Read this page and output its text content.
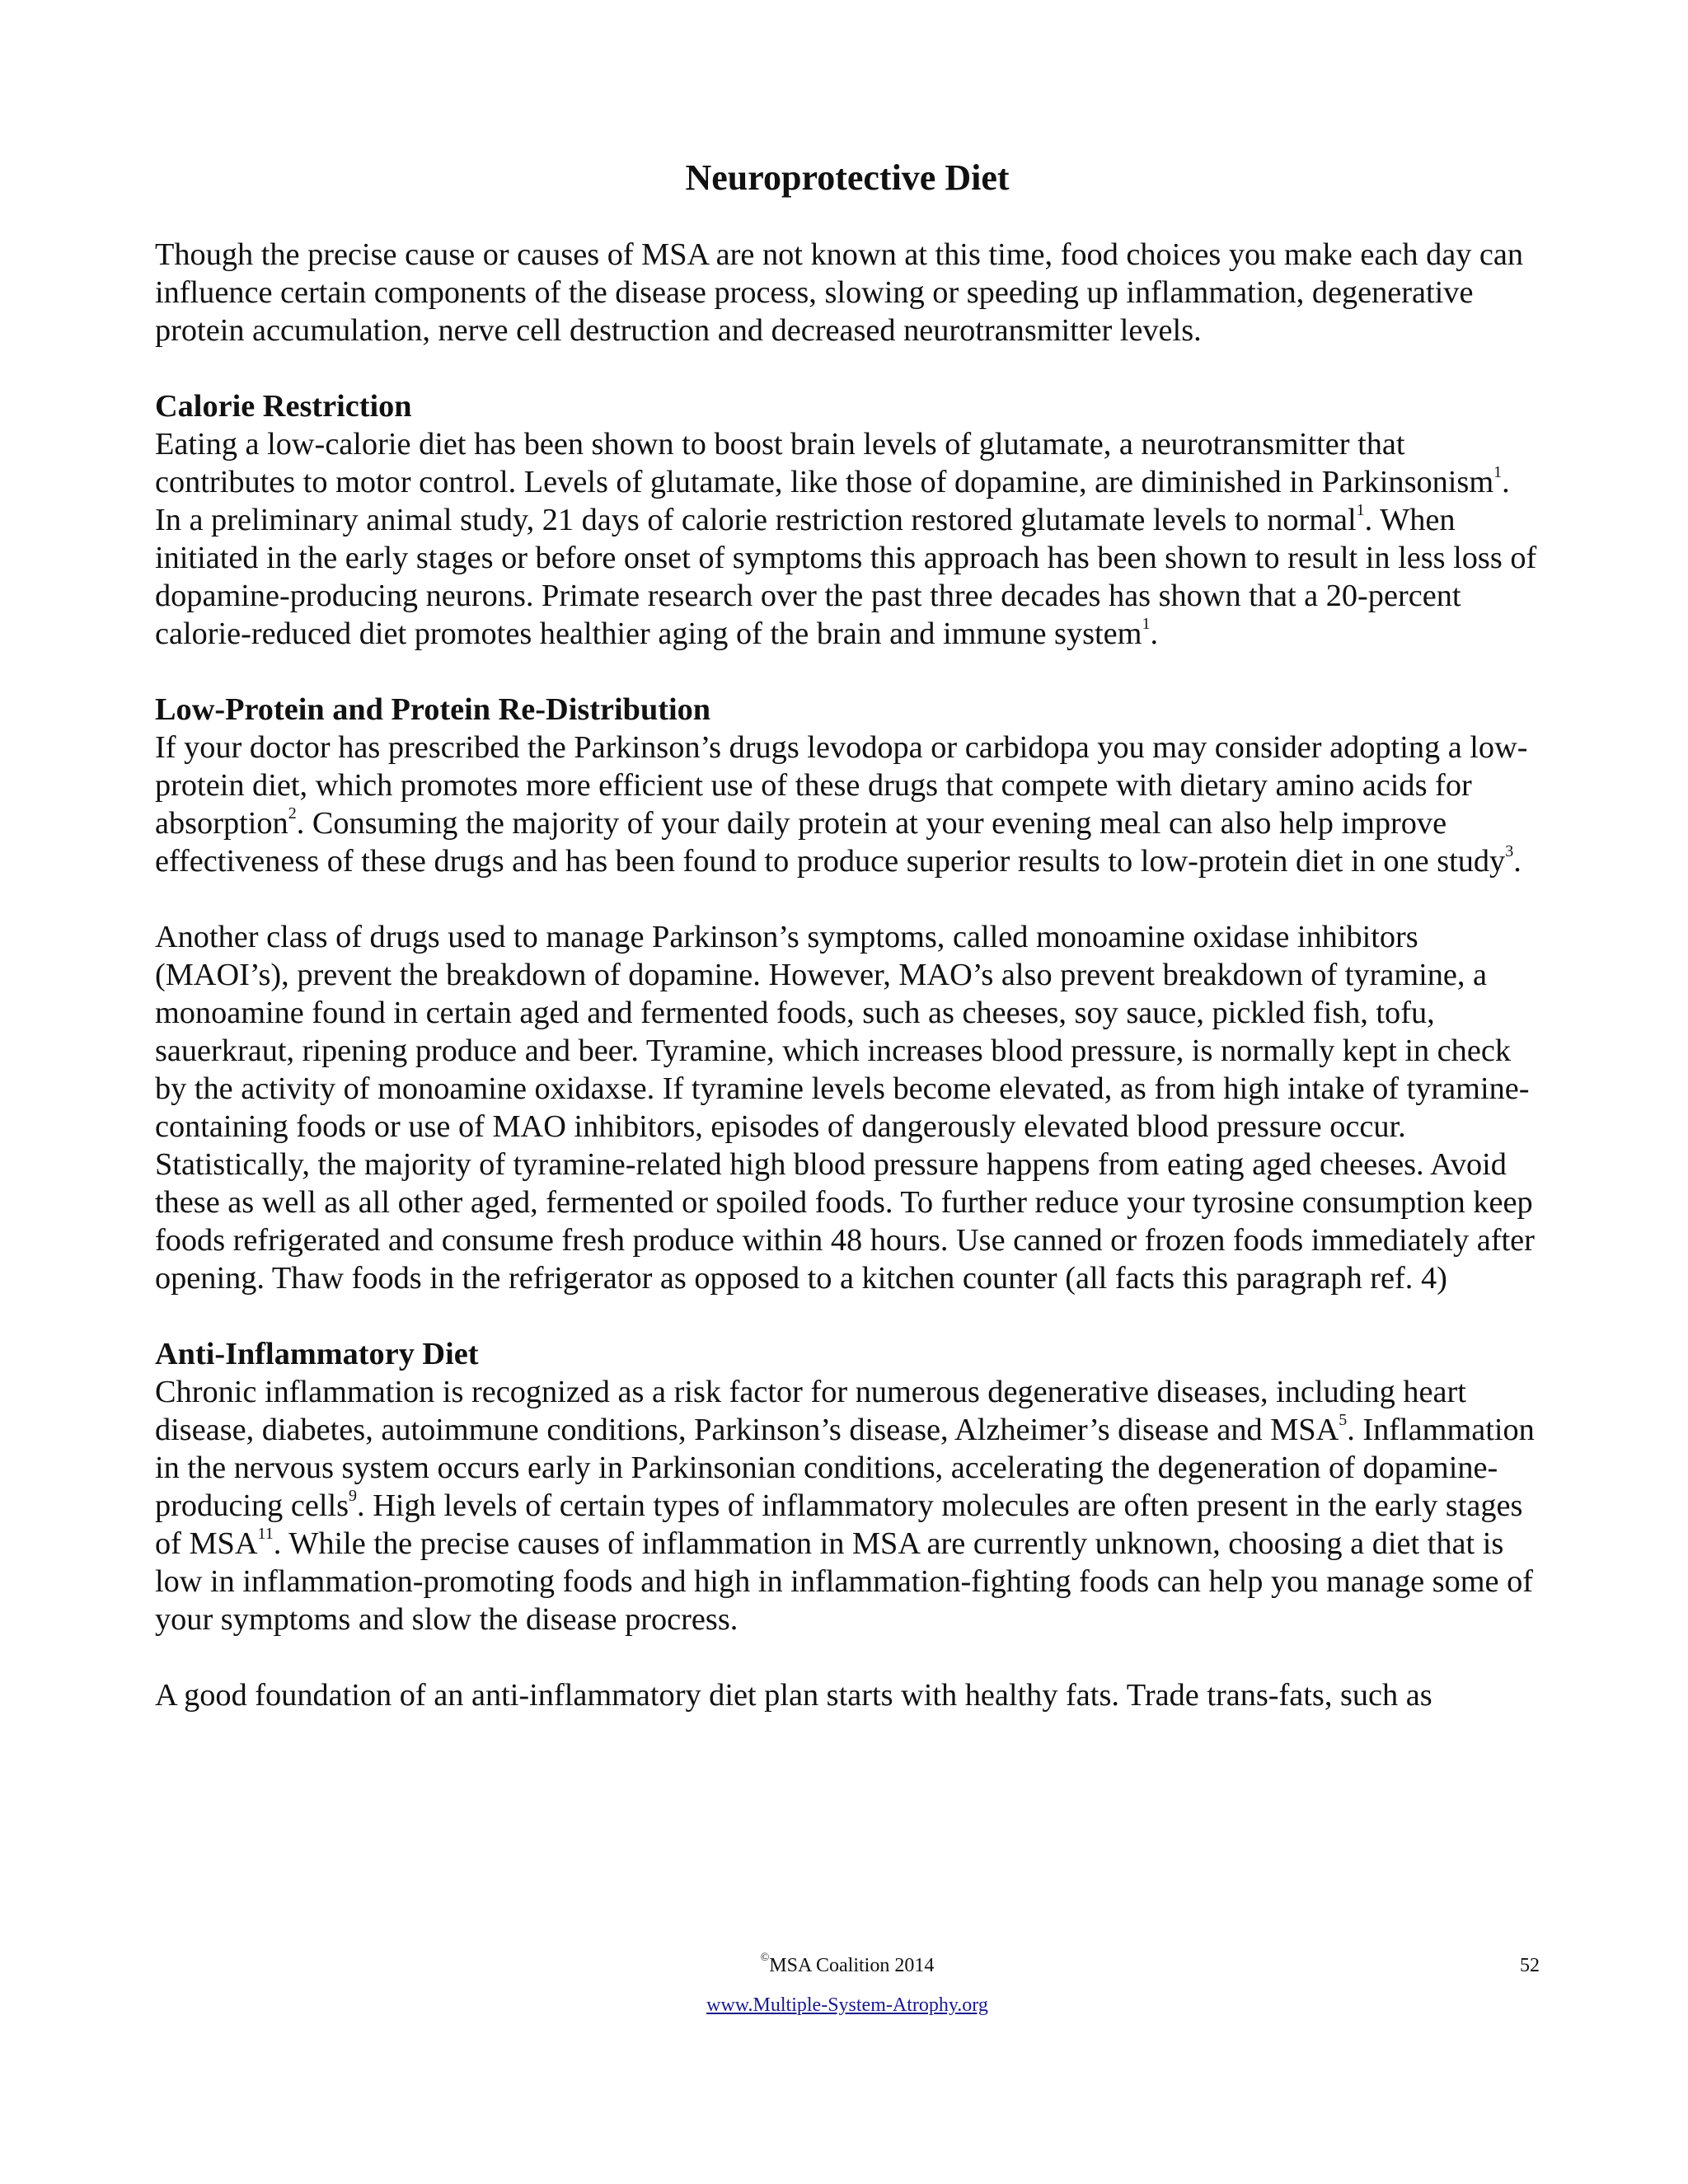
Neuroprotective Diet

Though the precise cause or causes of MSA are not known at this time, food choices you make each day can influence certain components of the disease process, slowing or speeding up inflammation, degenerative protein accumulation, nerve cell destruction and decreased neurotransmitter levels.

Calorie Restriction
Eating a low-calorie diet has been shown to boost brain levels of glutamate, a neurotransmitter that contributes to motor control. Levels of glutamate, like those of dopamine, are diminished in Parkinsonism$^1$. In a preliminary animal study, 21 days of calorie restriction restored glutamate levels to normal$^1$. When initiated in the early stages or before onset of symptoms this approach has been shown to result in less loss of dopamine-producing neurons. Primate research over the past three decades has shown that a 20-percent calorie-reduced diet promotes healthier aging of the brain and immune system$^1$.

Low-Protein and Protein Re-Distribution
If your doctor has prescribed the Parkinson’s drugs levodopa or carbidopa you may consider adopting a low-protein diet, which promotes more efficient use of these drugs that compete with dietary amino acids for absorption$^2$. Consuming the majority of your daily protein at your evening meal can also help improve effectiveness of these drugs and has been found to produce superior results to low-protein diet in one study$^3$.

Another class of drugs used to manage Parkinson’s symptoms, called monoamine oxidase inhibitors (MAOI’s), prevent the breakdown of dopamine. However, MAO’s also prevent breakdown of tyramine, a monoamine found in certain aged and fermented foods, such as cheeses, soy sauce, pickled fish, tofu, sauerkraut, ripening produce and beer. Tyramine, which increases blood pressure, is normally kept in check by the activity of monoamine oxidaxse. If tyramine levels become elevated, as from high intake of tyramine-containing foods or use of MAO inhibitors, episodes of dangerously elevated blood pressure occur. Statistically, the majority of tyramine-related high blood pressure happens from eating aged cheeses. Avoid these as well as all other aged, fermented or spoiled foods. To further reduce your tyrosine consumption keep foods refrigerated and consume fresh produce within 48 hours. Use canned or frozen foods immediately after opening. Thaw foods in the refrigerator as opposed to a kitchen counter (all facts this paragraph ref. 4)

Anti-Inflammatory Diet
Chronic inflammation is recognized as a risk factor for numerous degenerative diseases, including heart disease, diabetes, autoimmune conditions, Parkinson’s disease, Alzheimer’s disease and MSA$^5$. Inflammation in the nervous system occurs early in Parkinsonian conditions, accelerating the degeneration of dopamine-producing cells$^9$. High levels of certain types of inflammatory molecules are often present in the early stages of MSA$^{11}$. While the precise causes of inflammation in MSA are currently unknown, choosing a diet that is low in inflammation-promoting foods and high in inflammation-fighting foods can help you manage some of your symptoms and slow the disease procress.

A good foundation of an anti-inflammatory diet plan starts with healthy fats. Trade trans-fats, such as

©MSA Coalition 2014	52
www.Multiple-System-Atrophy.org
